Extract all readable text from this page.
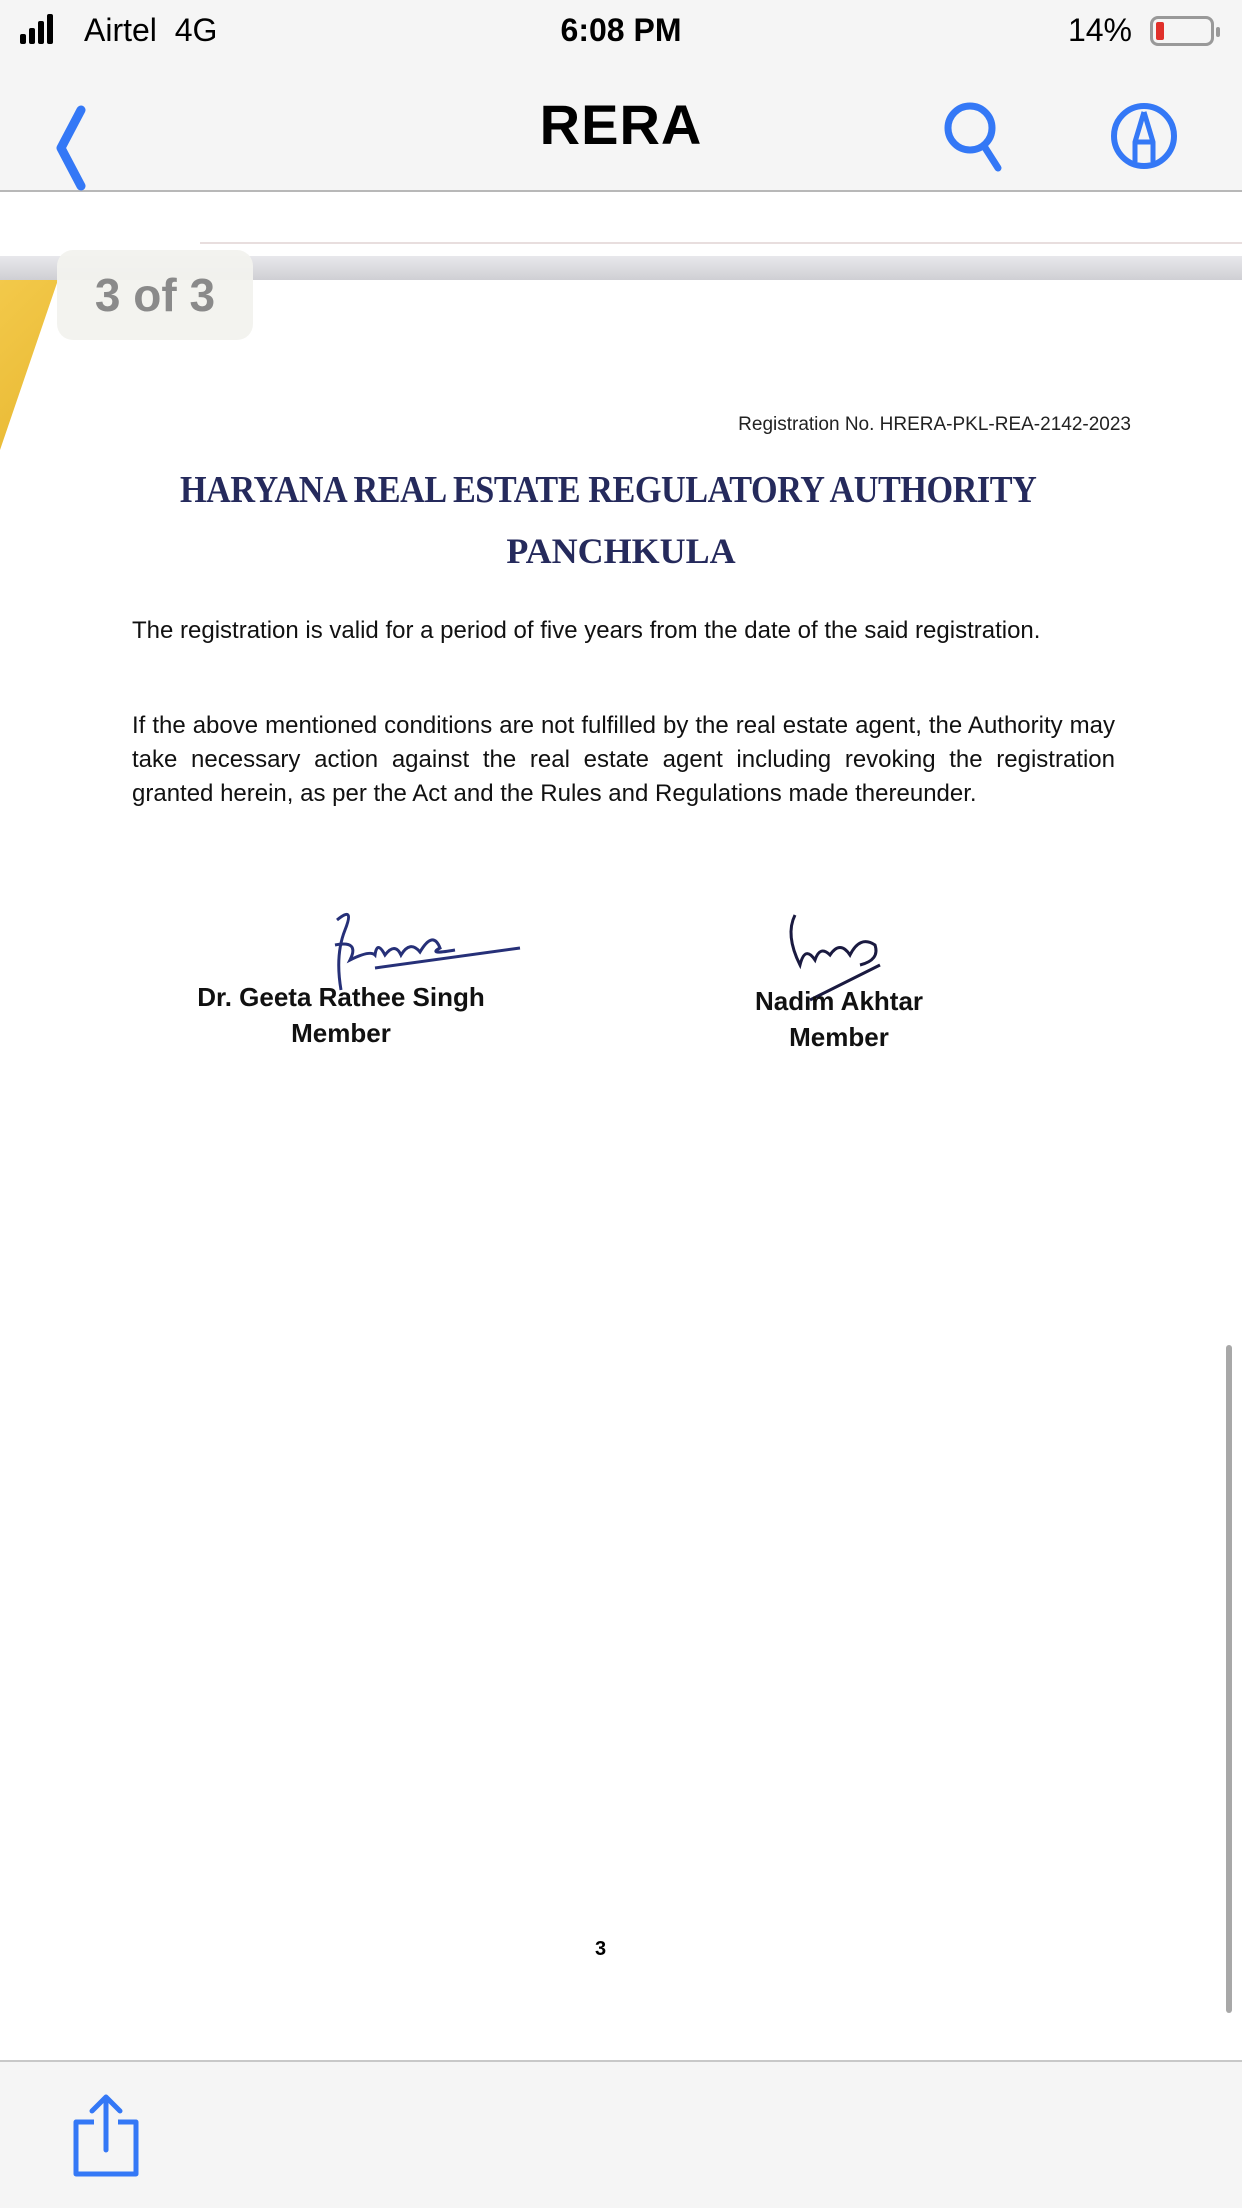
Airtel 4G	6:08 PM	14%
RERA
3 of 3
Registration No. HRERA-PKL-REA-2142-2023
HARYANA REAL ESTATE REGULATORY AUTHORITY
PANCHKULA

The registration is valid for a period of five years from the date of the said registration.

If the above mentioned conditions are not fulfilled by the real estate agent, the Authority may take necessary action against the real estate agent including revoking the registration granted herein, as per the Act and the Rules and Regulations made thereunder.

Dr. Geeta Rathee Singh
Member
Nadim Akhtar
Member
3
